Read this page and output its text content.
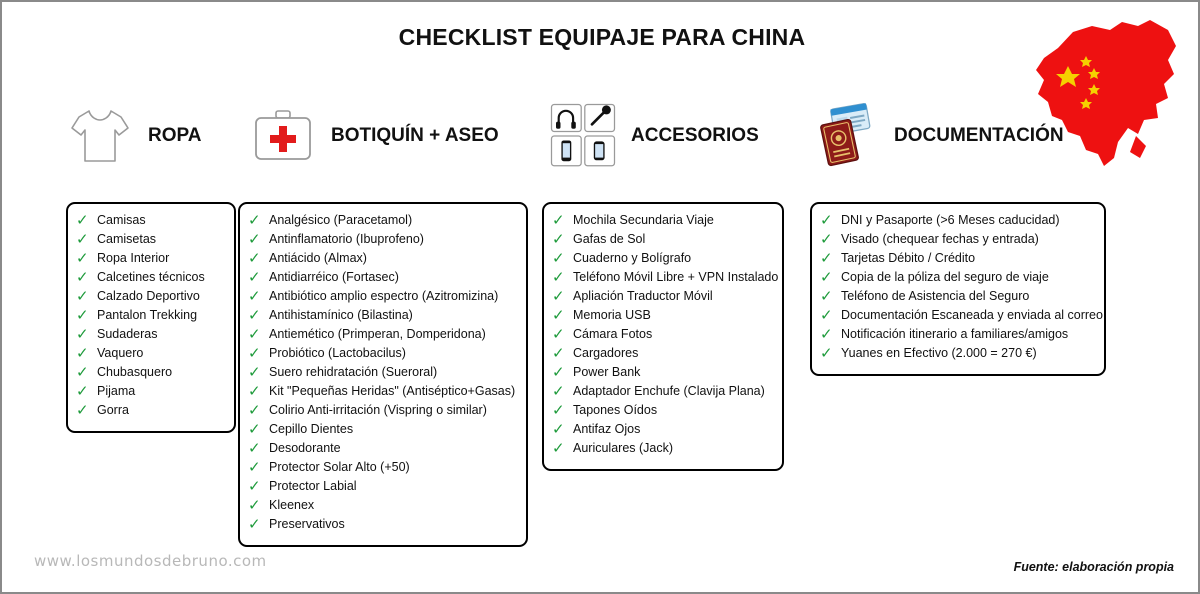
CHECKLIST EQUIPAJE PARA CHINA
ROPA
✓ Camisas
✓ Camisetas
✓ Ropa Interior
✓ Calcetines técnicos
✓ Calzado Deportivo
✓ Pantalon Trekking
✓ Sudaderas
✓ Vaquero
✓ Chubasquero
✓ Pijama
✓ Gorra
BOTIQUÍN + ASEO
✓ Analgésico (Paracetamol)
✓ Antinflamatorio (Ibuprofeno)
✓ Antiácido (Almax)
✓ Antidiarréico (Fortasec)
✓ Antibiótico amplio espectro (Azitromizina)
✓ Antihistamínico (Bilastina)
✓ Antiemético (Primperan, Domperidona)
✓ Probiótico (Lactobacilus)
✓ Suero rehidratación (Sueroral)
✓ Kit "Pequeñas Heridas" (Antiséptico+Gasas)
✓ Colirio Anti-irritación (Vispring o similar)
✓ Cepillo Dientes
✓ Desodorante
✓ Protector Solar Alto (+50)
✓ Protector Labial
✓ Kleenex
✓ Preservativos
ACCESORIOS
✓ Mochila Secundaria Viaje
✓ Gafas de Sol
✓ Cuaderno y Bolígrafo
✓ Teléfono Móvil Libre + VPN Instalado
✓ Apliación Traductor Móvil
✓ Memoria USB
✓ Cámara Fotos
✓ Cargadores
✓ Power Bank
✓ Adaptador Enchufe (Clavija Plana)
✓ Tapones Oídos
✓ Antifaz Ojos
✓ Auriculares (Jack)
DOCUMENTACIÓN
✓ DNI y Pasaporte (>6 Meses caducidad)
✓ Visado (chequear fechas y entrada)
✓ Tarjetas Débito / Crédito
✓ Copia de la póliza del seguro de viaje
✓ Teléfono de Asistencia del Seguro
✓ Documentación Escaneada y enviada al correo
✓ Notificación itinerario a familiares/amigos
✓ Yuanes en Efectivo (2.000 = 270 €)
www.losmundosdebruno.com	Fuente: elaboración propia
